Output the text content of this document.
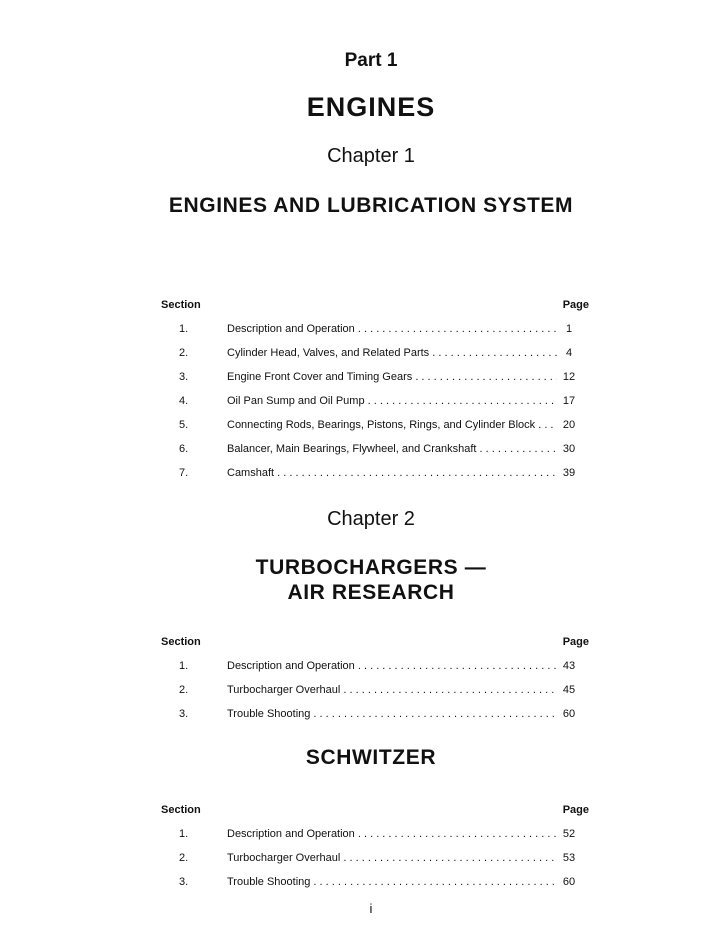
Part 1
ENGINES
Chapter 1
ENGINES AND LUBRICATION SYSTEM
Section	Page
1.	Description and Operation . . .	1
2.	Cylinder Head, Valves, and Related Parts . . .	4
3.	Engine Front Cover and Timing Gears . . .	12
4.	Oil Pan Sump and Oil Pump . . .	17
5.	Connecting Rods, Bearings, Pistons, Rings, and Cylinder Block . . .	20
6.	Balancer, Main Bearings, Flywheel, and Crankshaft . . .	30
7.	Camshaft . . .	39
Chapter 2
TURBOCHARGERS —
AIR RESEARCH
Section	Page
1.	Description and Operation . . .	43
2.	Turbocharger Overhaul . . .	45
3.	Trouble Shooting . . .	60
SCHWITZER
Section	Page
1.	Description and Operation . . .	52
2.	Turbocharger Overhaul . . .	53
3.	Trouble Shooting . . .	60
i
